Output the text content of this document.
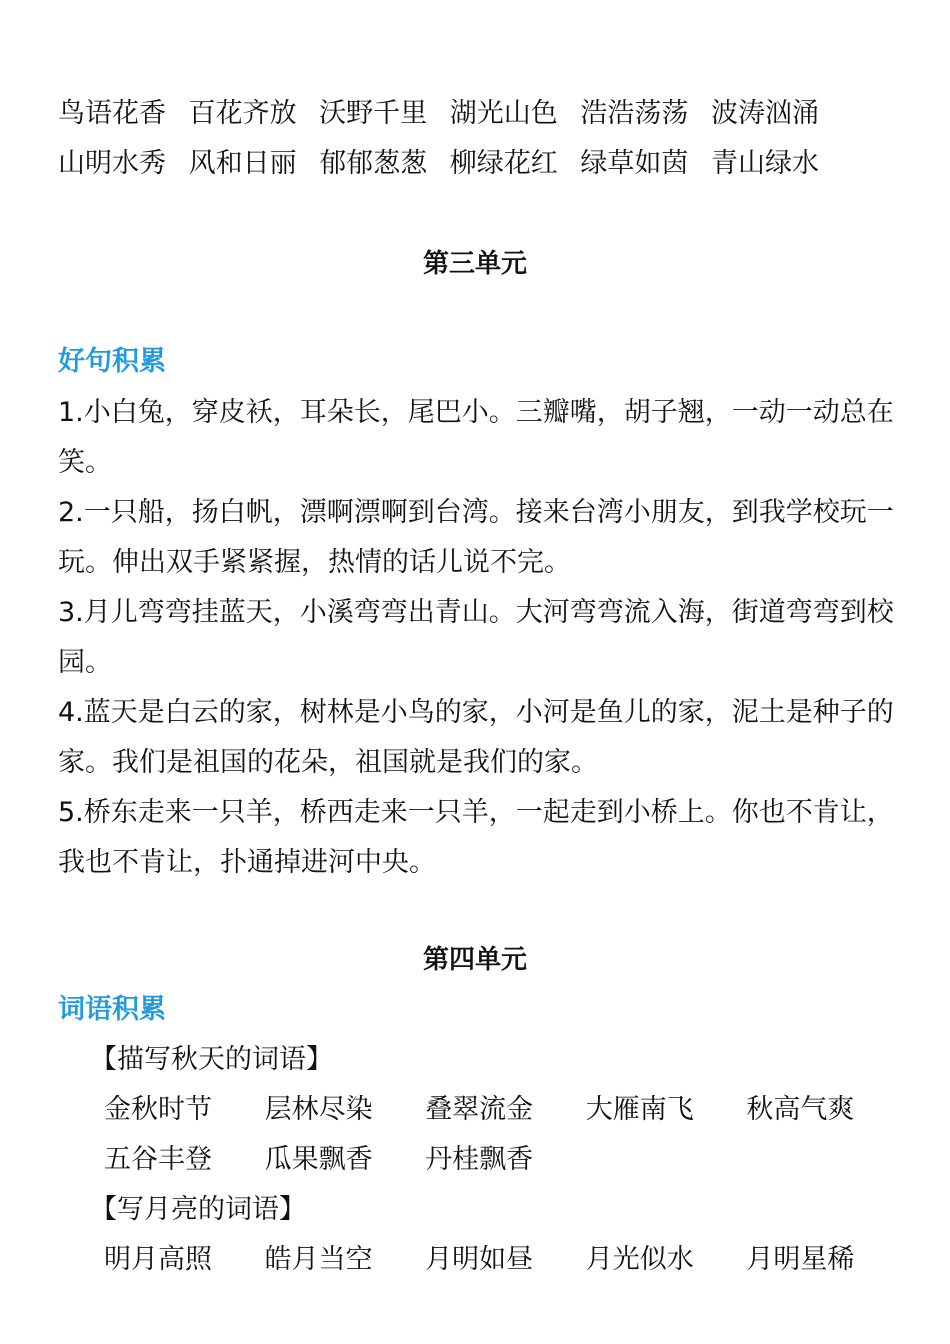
鸟语花香 百花齐放 沃野千里 湖光山色 浩浩荡荡 波涛汹涌
山明水秀 风和日丽 郁郁葱葱 柳绿花红 绿草如茵 青山绿水
第三单元
好句积累
1.小白兔，穿皮袄，耳朵长，尾巴小。三瓣嘴，胡子翘，一动一动总在笑。
2.一只船，扬白帆，漂啊漂啊到台湾。接来台湾小朋友，到我学校玩一玩。伸出双手紧紧握，热情的话儿说不完。
3.月儿弯弯挂蓝天，小溪弯弯出青山。大河弯弯流入海，街道弯弯到校园。
4.蓝天是白云的家，树林是小鸟的家，小河是鱼儿的家，泥土是种子的家。我们是祖国的花朵，祖国就是我们的家。
5.桥东走来一只羊，桥西走来一只羊，一起走到小桥上。你也不肯让，我也不肯让，扑通掉进河中央。
第四单元
词语积累
【描写秋天的词语】
金秋时节 层林尽染 叠翠流金 大雁南飞 秋高气爽
五谷丰登 瓜果飘香 丹桂飘香
【写月亮的词语】
明月高照 皓月当空 月明如昼 月光似水 月明星稀
